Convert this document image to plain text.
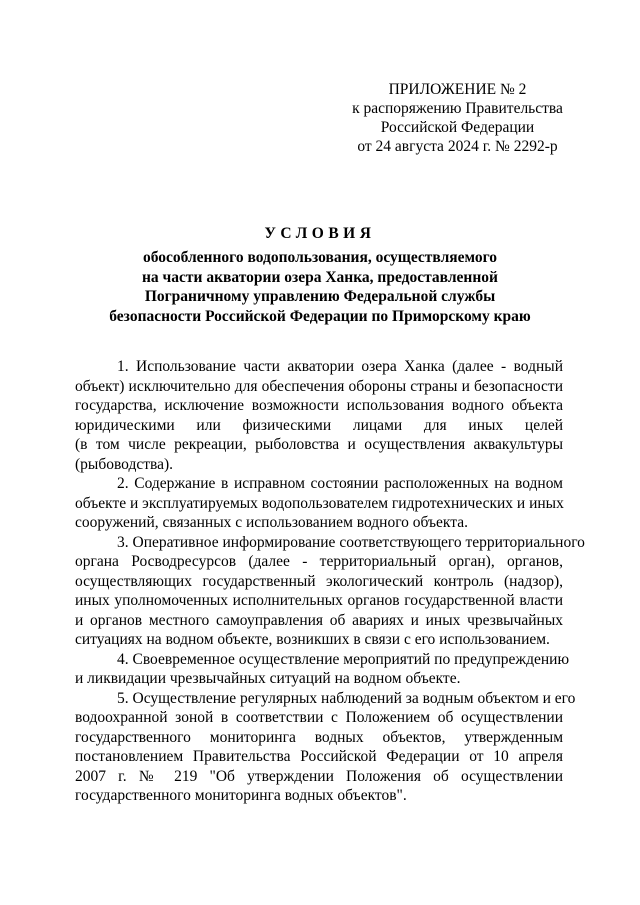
ПРИЛОЖЕНИЕ № 2
к распоряжению Правительства
Российской Федерации
от 24 августа 2024 г. № 2292-р
УСЛОВИЯ
обособленного водопользования, осуществляемого
на части акватории озера Ханка, предоставленной
Пограничному управлению Федеральной службы
безопасности Российской Федерации по Приморскому краю
1. Использование части акватории озера Ханка (далее - водный
объект) исключительно для обеспечения обороны страны и безопасности
государства, исключение возможности использования водного объекта
юридическими или физическими лицами для иных целей
(в том числе рекреации, рыболовства и осуществления аквакультуры
(рыбоводства).
2. Содержание в исправном состоянии расположенных на водном
объекте и эксплуатируемых водопользователем гидротехнических и иных
сооружений, связанных с использованием водного объекта.
3. Оперативное информирование соответствующего территориального
органа Росводресурсов (далее - территориальный орган), органов,
осуществляющих государственный экологический контроль (надзор),
иных уполномоченных исполнительных органов государственной власти
и органов местного самоуправления об авариях и иных чрезвычайных
ситуациях на водном объекте, возникших в связи с его использованием.
4. Своевременное осуществление мероприятий по предупреждению
и ликвидации чрезвычайных ситуаций на водном объекте.
5. Осуществление регулярных наблюдений за водным объектом и его
водоохранной зоной в соответствии с Положением об осуществлении
государственного мониторинга водных объектов, утвержденным
постановлением Правительства Российской Федерации от 10 апреля
2007 г. № 219 "Об утверждении Положения об осуществлении
государственного мониторинга водных объектов".
